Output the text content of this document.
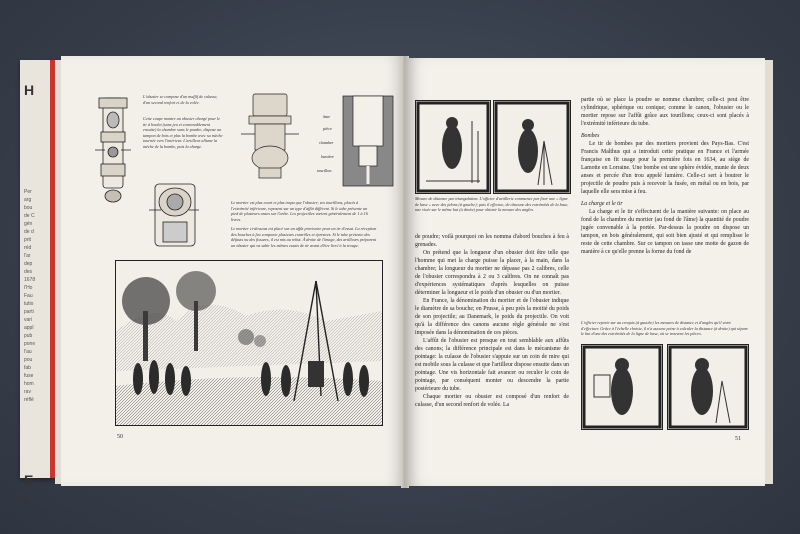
H
Per
arg
bou
de C
gén
de d
prit
réd
l'ar
dep
des
1678
l'Ho
Fau
tutio
parti
vari
appl
pub
pone
l'au
pou
fab
fuse
hom
rav
réflé
E
21
L'obusier se compose d'un maſſif de culasse, d'un second renfort et de la volée.
Cette coupe montre un obusier chargé pour le tir à boulet (sans jeu et convenablement ensuite) la chambre sans le poudre, dispose un tampon de bois et plus la bombe avec sa mèche tournée vers l'intérieur. L'artilleur allume la mèche de la bombe, puis la charge.
âme
pièce
chambre
lumière
tourillon
Le mortier est plus court et plus trapu que l'obusier; ses tourillons, placés à l'extrémité inférieure, reposent sur un type d'affût différent. Si le tube présente un pied de plusieurs anses sur l'arête. Les projectiles varient généralement de 1 à 16 livres.
Le mortier ci-dessous est placé sur un affût provisoire pour un tir d'essai. La réception des bouches à feu comporte plusieurs contrôles et épreuves. Si le tube présente des défauts ou des fissures, il est mis au rebut. À droite de l'image, des artilleurs préparent un obusier qui va subir les mêmes essais de tir avant d'être livré à la troupe.
50
Mesure de distance par triangulation. L'officier d'artillerie commence par fixer une « ligne de base » avec des jalons (à gauche); puis il effectue, de chacune des extrémités de la base, une visée sur le même but (à droite) pour obtenir la mesure des angles.
de poudre; voilà pourquoi on les nomma d'abord bouches à feu à grenades.

On prétend que la longueur d'un obusier doit être telle que l'homme qui met la charge puisse la placer, à la main, dans la chambre; la longueur du mortier ne dépasse pas 2 calibres, celle de l'obusier correspondra à 2 ou 3 calibres. On ne connaît pas d'expériences systématiques d'après lesquelles on puisse déterminer la longueur et le poids d'un obusier ou d'un mortier.

En France, la dénomination du mortier et de l'obusier indique le diamètre de sa bouche; en Prusse, à peu près la moitié du poids de son projectile; au Danemark, le poids du projectile. On voit qu'à la différence des canons aucune règle générale ne s'est imposée dans la dénomination de ces pièces.

L'affût de l'obusier est presque en tout semblable aux affûts des canons; la différence principale est dans le mécanisme de pointage: la culasse de l'obusier s'appuie sur un coin de mire qui est mobile sous la culasse et que l'artilleur dispose ensuite dans un pointage. Une vis horizontale fait avancer ou reculer le coin de pointage, par conséquent monter ou descendre la partie postérieure du tube.

Chaque mortier ou obusier est composé d'un renfort de culasse, d'un second renfort de volée. La

partie où se place la poudre se nomme chambre; celle-ci peut être cylindrique, sphérique ou conique; comme le canon, l'obusier ou le mortier repose sur l'affût grâce aux tourillons; ceux-ci sont placés à l'extrémité inférieure du tube.
Bombes

Le tir de bombes par des mortiers provient des Pays-Bas. C'est Francis Malthus qui a introduit cette pratique en France et l'armée française en fit usage pour la première fois en 1634, au siège de Lamotte en Lorraine. Une bombe est une sphère évidée, munie de deux anses et percée d'un trou appelé lumière. Celle-ci sert à boutrer le projectile de poudre puis à recevoir la fusée, en métal ou en bois, par laquelle elle sera mise à feu.

La charge et le tir

La charge et le tir s'effectuent de la manière suivante: on place au fond de la chambre du mortier (au fond de l'âme) la quantité de poudre jugée convenable à la portée. Par-dessus la poudre on dispose un tampon, en bois généralement, qui soit bien ajusté et qui remplisse le reste de cette chambre. Sur ce tampon on tasse une motte de gazon de manière à ce qu'elle prenne la forme du fond de

L'officier reporte sur un croquis (à gauche) les mesures de distance et d'angles qu'il vient d'effectuer. Grâce à l'échelle choisie, il n'a aucune peine à calculer la distance (à droite) qui sépare le but d'une des extrémités de la ligne de base, où se trouvent les pièces.
51
